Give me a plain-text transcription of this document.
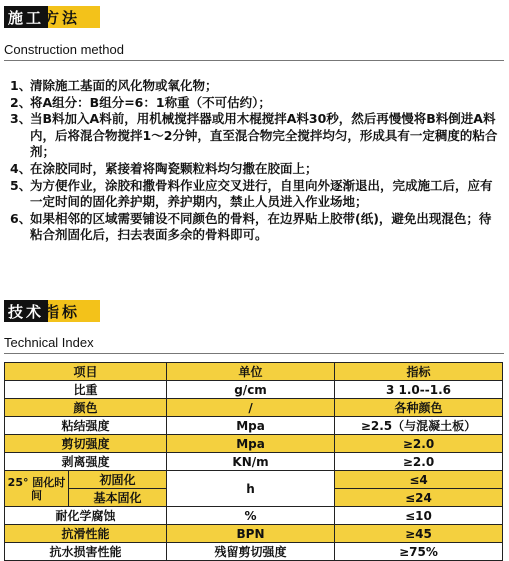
施工 方法
Construction method
1、
清除施工基面的风化物或氧化物；
2、
将A组分：B组分=6：1称重（不可估约）；
3、
当B料加入A料前，用机械搅拌器或用木棍搅拌A料30秒，然后再慢慢将B料倒进A料内，后将混合物搅拌1～2分钟，直至混合物完全搅拌均匀，形成具有一定稠度的粘合剂；
4、
在涂胶同时，紧接着将陶瓷颗粒料均匀撒在胶面上；
5、
为方便作业，涂胶和撒骨料作业应交叉进行，自里向外逐渐退出，完成施工后，应有一定时间的固化养护期，养护期内，禁止人员进入作业场地；
6、
如果相邻的区域需要铺设不同颜色的骨料，在边界贴上胶带(纸)，避免出现混色；待粘合剂固化后，扫去表面多余的骨料即可。
技术 指标
Technical Index
项目		单位	指标
比重		g/cm	3 1.0--1.6
颜色		/	各种颜色
粘结强度		Mpa	≥2.5（与混凝土板）
剪切强度		Mpa	≥2.0
剥离强度		KN/m	≥2.0
25° 固化时间	初固化	h	≤4
	基本固化		≤24
耐化学腐蚀		%	≤10
抗滑性能		BPN	≥45
抗水损害性能		残留剪切强度	≥75%
